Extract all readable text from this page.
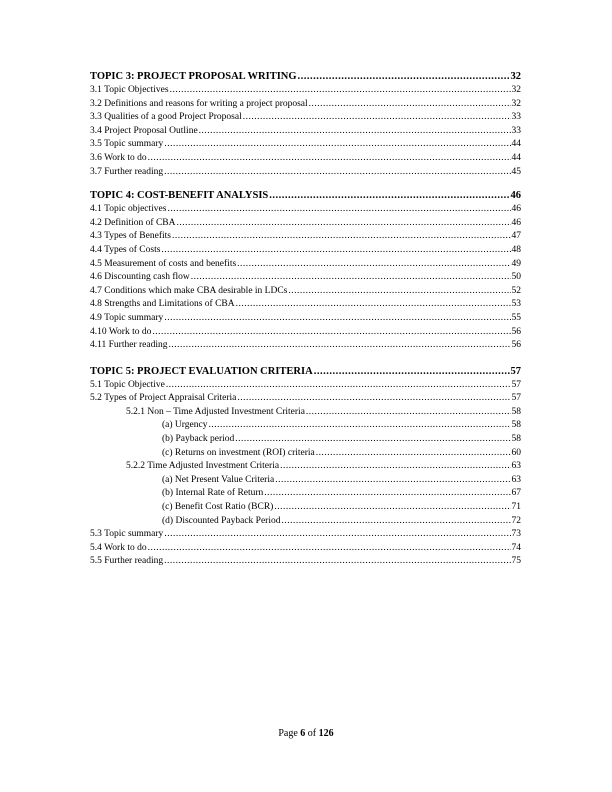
TOPIC 3: PROJECT PROPOSAL WRITING .....	32
3.1 Topic Objectives .....	32
3.2 Definitions and reasons for writing a project proposal .....	32
3.3 Qualities of a good Project Proposal .....	33
3.4 Project Proposal Outline .....	33
3.5 Topic summary .....	44
3.6 Work to do .....	44
3.7 Further reading .....	45
TOPIC 4: COST-BENEFIT ANALYSIS .....	46
4.1 Topic objectives .....	46
4.2 Definition of CBA .....	46
4.3 Types of Benefits .....	47
4.4 Types of Costs .....	48
4.5 Measurement of costs and benefits .....	49
4.6 Discounting cash flow .....	50
4.7 Conditions which make CBA desirable in LDCs .....	52
4.8 Strengths and Limitations of CBA .....	53
4.9 Topic summary .....	55
4.10 Work to do .....	56
4.11 Further reading .....	56
TOPIC 5: PROJECT EVALUATION CRITERIA .....	57
5.1 Topic Objective .....	57
5.2 Types of Project Appraisal Criteria .....	57
5.2.1 Non – Time Adjusted Investment Criteria .....	58
(a) Urgency .....	58
(b) Payback period .....	58
(c) Returns on investment (ROI) criteria .....	60
5.2.2 Time Adjusted Investment Criteria .....	63
(a) Net Present Value Criteria .....	63
(b) Internal Rate of Return .....	67
(c) Benefit Cost Ratio (BCR) .....	71
(d) Discounted Payback Period .....	72
5.3 Topic summary .....	73
5.4 Work to do .....	74
5.5 Further reading .....	75
Page 6 of 126
